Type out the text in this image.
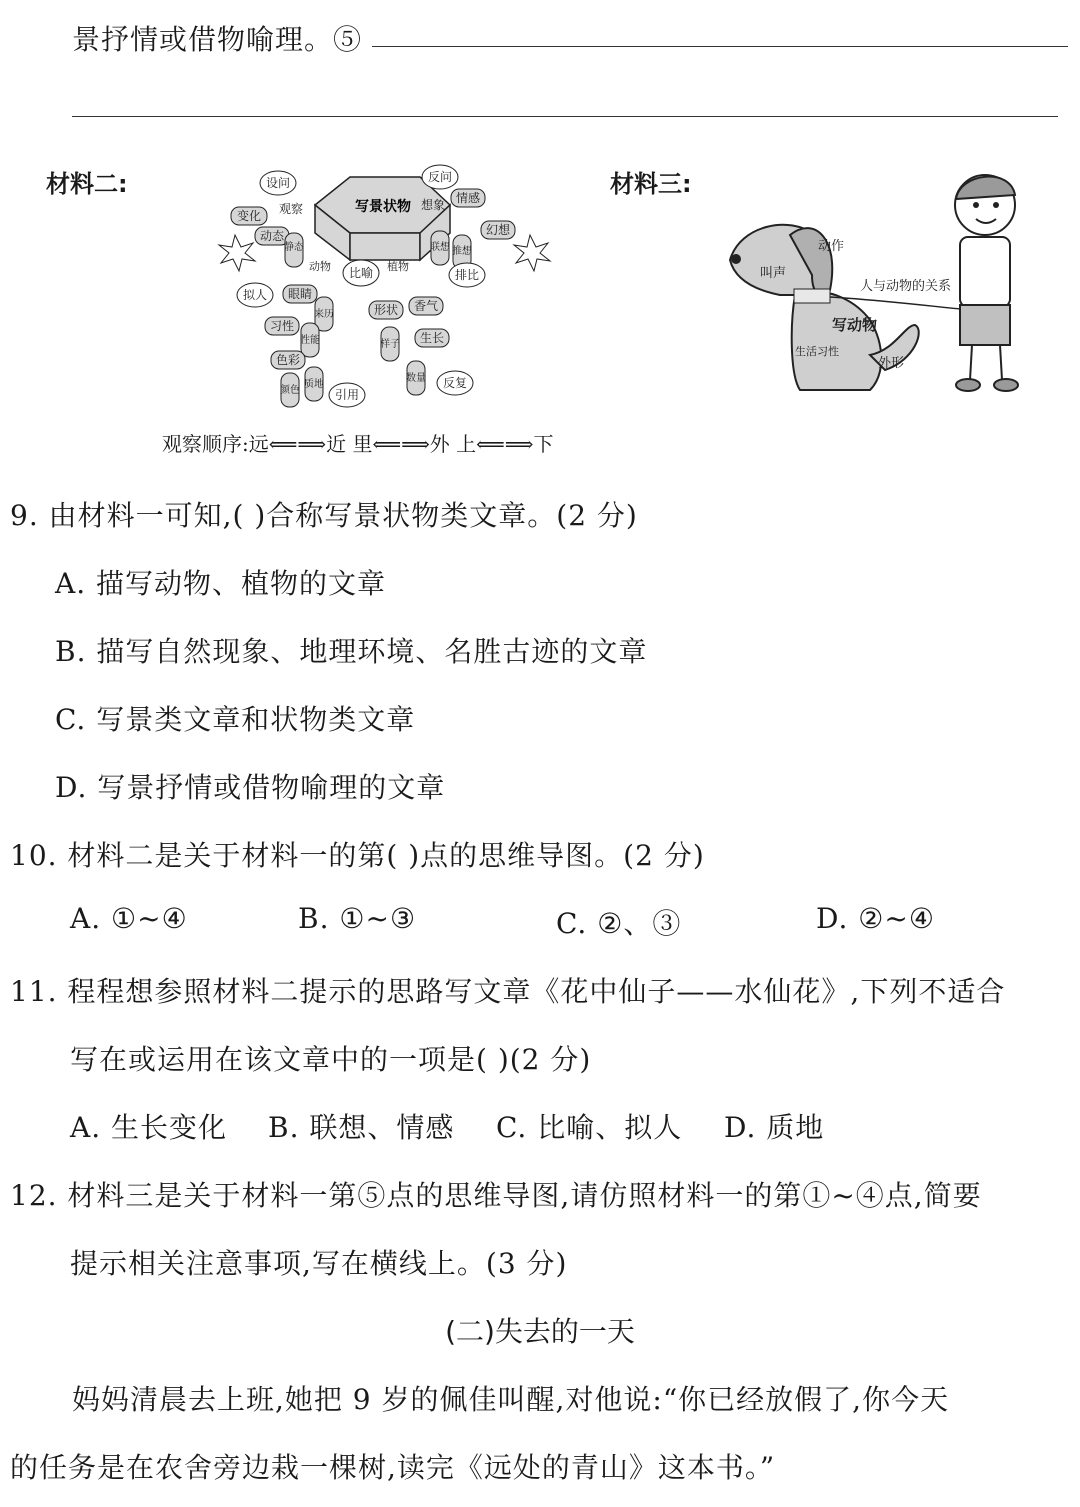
景抒情或借物喻理。⑤
材料二:
写景状物
设问	反问
变化 观察	想象 情感
幻想
动态
静态	联想 推想
比喻
拟人
排比
动物	植物
眼睛
习性
来历	形状 香气
性能	生长
色彩
颜色
质地
样子
数量
引用
反复
观察顺序:远⟸⟹近 里⟸⟹外 上⟸⟹下
材料三:
叫声
动作
写动物
生活习性
外形
人与动物的关系
9. 由材料一可知,( )合称写景状物类文章。(2 分)
A. 描写动物、植物的文章
B. 描写自然现象、地理环境、名胜古迹的文章
C. 写景类文章和状物类文章
D. 写景抒情或借物喻理的文章
10. 材料二是关于材料一的第( )点的思维导图。(2 分)
A. ①~④	B. ①~③	C. ②、③	D. ②~④
11. 程程想参照材料二提示的思路写文章《花中仙子——水仙花》,下列不适合
写在或运用在该文章中的一项是( )(2 分)
A. 生长变化 B. 联想、情感 C. 比喻、拟人 D. 质地
12. 材料三是关于材料一第⑤点的思维导图,请仿照材料一的第①~④点,简要
提示相关注意事项,写在横线上。(3 分)
(二)失去的一天
妈妈清晨去上班,她把 9 岁的佩佳叫醒,对他说:“你已经放假了,你今天
的任务是在农舍旁边栽一棵树,读完《远处的青山》这本书。”
